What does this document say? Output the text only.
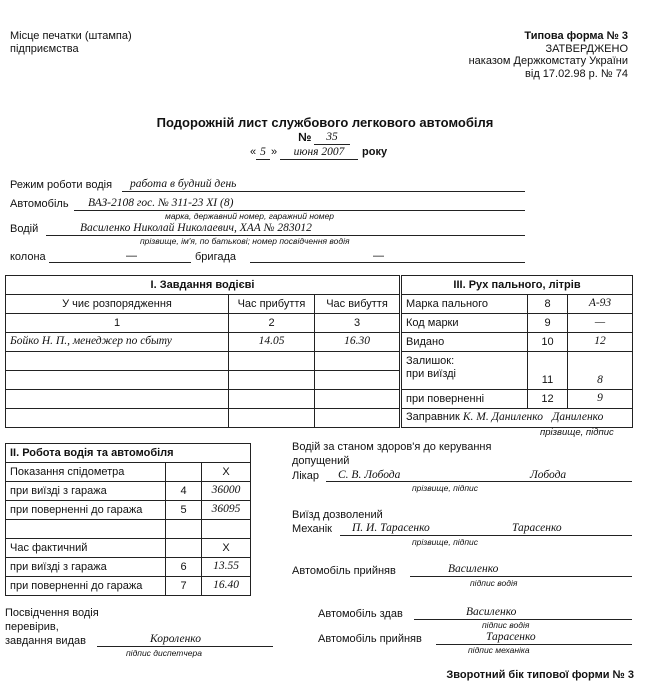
Місце печатки (штампа)
підприємства
Типова форма № 3
ЗАТВЕРДЖЕНО
наказом Держкомстату України
від 17.02.98 р. № 74
Подорожній лист службового легкового автомобіля
№	35
« 5 »	июня 2007	року
Режим роботи водія работа в будний день
Автомобіль ВАЗ-2108 гос. № 311-23 XI (8)
марка, державний номер, гаражний номер
Водій	Василенко Николай Николаевич, ХАА № 283012
прізвище, ім'я, по батькові; номер посвідчення водія
колона	—	бригада	—
I. Завдання водієві		
У чиє розпорядження	Час прибуття	Час вибуття
1	2	3
Бойко Н. П., менеджер по сбыту	14.05	16.30

III. Рух пального, літрів		
Марка пального	8	А-93
Код марки	9	—
Видано	10	12

Залишок:
при виїзді	11	8
при поверненні	12	9
Заправник К. М. Даниленко Даниленко		
прізвище, підпис
II. Робота водія та автомобіля		
Показання спідометра		X
при виїзді з гаража	4	36000
при поверненні до гаража	5	36095

Час фактичний		X
при виїзді з гаража	6	13.55
при поверненні до гаража	7	16.40
Водій за станом здоров'я до керування
допущений
Лікар С. В. Лобода	Лобода
прізвище, підпис
Виїзд дозволений
Механік П. И. Тарасенко	Тарасенко
прізвище, підпис
Автомобіль прийняв	Василенко
підпис водія
Автомобіль здав	Василенко
підпис водія
Автомобіль прийняв	Тарасенко
підпис механіка
Посвідчення водія
перевірив,
завдання видав	Короленко
підпис диспетчера
Зворотний бік типової форми № 3
